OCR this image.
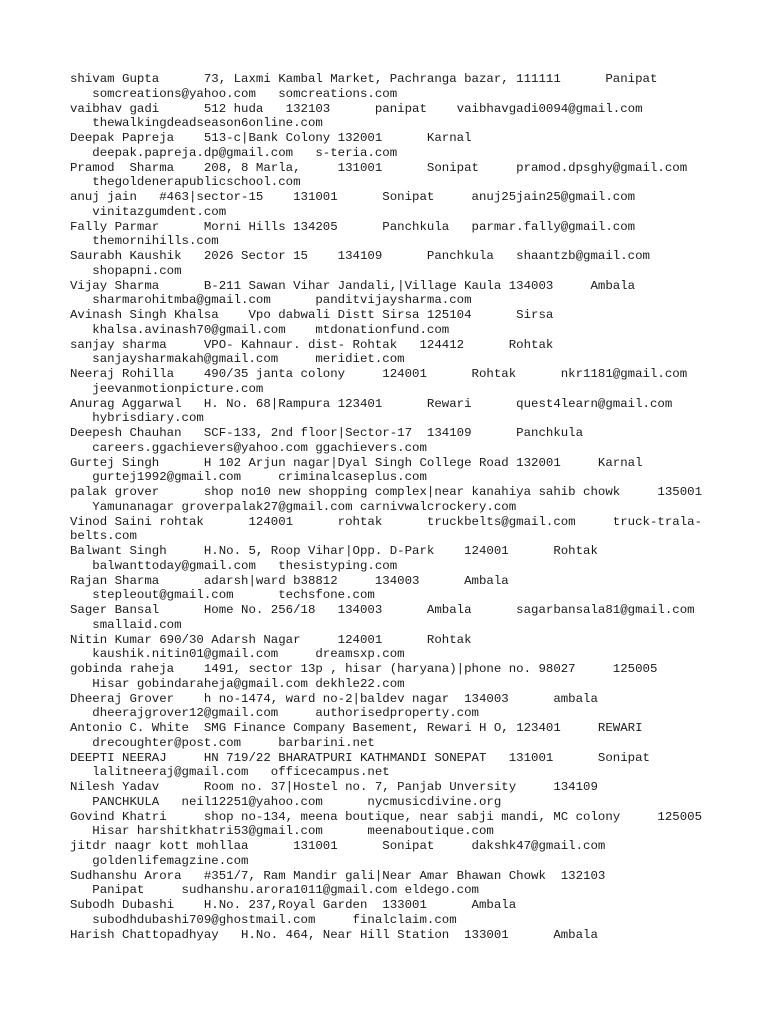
shivam Gupta      73, Laxmi Kambal Market, Pachranga bazar, 111111      Panipat
somcreations@yahoo.com   somcreations.com
vaibhav gadi      512 huda   132103      panipat    vaibhavgadi0094@gmail.com
thewalkingdeadseason6online.com
Deepak Papreja    513-c|Bank Colony 132001      Karnal
deepak.papreja.dp@gmail.com   s-teria.com
Pramod  Sharma    208, 8 Marla,     131001      Sonipat     pramod.dpsghy@gmail.com
thegoldenerapublicschool.com
anuj jain   #463|sector-15    131001      Sonipat     anuj25jain25@gmail.com
vinitazgumdent.com
Fally Parmar      Morni Hills 134205      Panchkula   parmar.fally@gmail.com
themornihills.com
Saurabh Kaushik   2026 Sector 15    134109      Panchkula   shaantzb@gmail.com
shopapni.com
Vijay Sharma      B-211 Sawan Vihar Jandali,|Village Kaula 134003     Ambala
sharmarohitmba@gmail.com      panditvijaysharma.com
Avinash Singh Khalsa    Vpo dabwali Distt Sirsa 125104      Sirsa
khalsa.avinash70@gmail.com    mtdonationfund.com
sanjay sharma     VPO- Kahnaur. dist- Rohtak   124412      Rohtak
sanjaysharmakah@gmail.com     meridiet.com
Neeraj Rohilla    490/35 janta colony     124001      Rohtak      nkr1181@gmail.com
jeevanmotionpicture.com
Anurag Aggarwal   H. No. 68|Rampura 123401      Rewari      quest4learn@gmail.com
hybrisdiary.com
Deepesh Chauhan   SCF-133, 2nd floor|Sector-17  134109      Panchkula
careers.ggachievers@yahoo.com ggachievers.com
Gurtej Singh      H 102 Arjun nagar|Dyal Singh College Road 132001     Karnal
gurtej1992@gmail.com     criminalcaseplus.com
palak grover      shop no10 new shopping complex|near kanahiya sahib chowk     135001
Yamunanagar groverpalak27@gmail.com carnivwalcrockery.com
Vinod Saini rohtak      124001      rohtak      truckbelts@gmail.com     truck-trala-
belts.com
Balwant Singh     H.No. 5, Roop Vihar|Opp. D-Park    124001      Rohtak
balwanttoday@gmail.com   thesistyping.com
Rajan Sharma      adarsh|ward b38812     134003      Ambala
stepleout@gmail.com      techsfone.com
Sager Bansal      Home No. 256/18   134003      Ambala      sagarbansala81@gmail.com
smallaid.com
Nitin Kumar 690/30 Adarsh Nagar     124001      Rohtak
kaushik.nitin01@gmail.com     dreamsxp.com
gobinda raheja    1491, sector 13p , hisar (haryana)|phone no. 98027     125005
Hisar gobindaraheja@gmail.com dekhle22.com
Dheeraj Grover    h no-1474, ward no-2|baldev nagar  134003      ambala
dheerajgrover12@gmail.com     authorisedproperty.com
Antonio C. White  SMG Finance Company Basement, Rewari H O, 123401     REWARI
drecoughter@post.com     barbarini.net
DEEPTI NEERAJ     HN 719/22 BHARATPURI KATHMANDI SONEPAT   131001      Sonipat
lalitneeraj@gmail.com   officecampus.net
Nilesh Yadav      Room no. 37|Hostel no. 7, Panjab Unversity     134109
PANCHKULA   neil12251@yahoo.com      nycmusicdivine.org
Govind Khatri     shop no-134, meena boutique, near sabji mandi, MC colony     125005
Hisar harshitkhatri53@gmail.com      meenaboutique.com
jitdr naagr kott mohllaa      131001      Sonipat     dakshk47@gmail.com
goldenlifemagzine.com
Sudhanshu Arora   #351/7, Ram Mandir gali|Near Amar Bhawan Chowk  132103
Panipat     sudhanshu.arora1011@gmail.com eldego.com
Subodh Dubashi    H.No. 237,Royal Garden  133001      Ambala
subodhdubashi709@ghostmail.com     finalclaim.com
Harish Chattopadhyay   H.No. 464, Near Hill Station  133001      Ambala
